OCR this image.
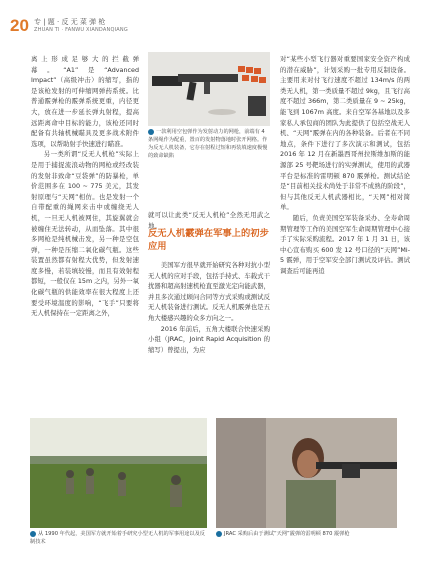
20 专 | 题 · 反 无 菜 弹 枪
ZHUAN TI · FANWU XIANDANQIANG

离上形成足够大的拦截弹幕。“A1”是“Advanced Impact”（高级冲击）的缩写，指的是该枪发射的可伸缩网弹药系统。比普通霰弹枪的霰弹系统更重，内径更大，放在进一步延长弹丸射程，提高远距离命中目标的能力，该枪还同时配备有共轴机械瞄具及更多战术附件选项，以帮助射手快速进行瞄准。

另一类所谓“反无人机枪”实际上是用于捕捉流浪动物的网枪或经改装的发射非致命“豆袋弹”的防暴枪，单价范围多在 100 ~ 775 美元，其发射原理与“天网”相仿。也是发射一个自带配重的绳网来击中或缠绕无人机，一旦无人机被网住，其旋翼就会被缠住无法转动，从而坠落。其中很多网枪是纯机械击发，另一种是空包弹，一种是压缩二氧化碳气瓶。这些装置虽然都有射程大优势，但发射速度多慢，若装填较慢，而且有效射程都短，一般仅在 15m 之内，另外一氧化碳气瓶的供能效率在很大程度上还要受环境温度的影响，“飞手”只要将无人机保持在一定距离之外，

一款利用空包弹作为发射动力的网枪，前端有 4 条网绳作为配重，置百的发射物落地时张开网格。作为反无人机装备，它存在射程过短和再装填速度极慢的致命缺陷

就可以让此类“反无人机枪”全然无用武之地。

反无人机霰弹在军事上的初步应用

美国军方很早就开始研究各种对抗小型无人机的应对手段，包括手持式、车载式干扰器和超高射速机枪直至激光定向能武器，并且多次通过顾问合同等方式采购或测试反无人机装备进行测试。反无人机霰弹也是五角大楼感兴趣的众多方向之一。

2016 年前后，五角大楼联合快速采购小组（JRAC，Joint Rapid Acquisition 的缩写）曾提出，为应

对“某些小型飞行器对重要国家安全资产构成的潜在威胁”，计划采购一批专用反制设备。主要用来对付飞行速度不超过 134m/s 的两类无人机，第一类质量不超过 9kg，且飞行高度不超过 366m，第二类质量在 9 ~ 25kg，能飞到 1067m 高度。来自空军各基地以及多家私人承包商的团队为此提供了包括空战无人机、“天网”霰弹在内的各种装备。后者在不同地点，条件下进行了多次演示和测试，包括 2016 年 12 月在新墨西哥州拉斯维加斯的能源部 25 号靶场进行的实弹测试，使用的武器平台是标准的雷明顿 870 霰弹枪。测试结论是“目前相关技术尚处于非常不成熟的阶段”，但与其他反无人机武器相比，“天网”相对简单。

随后，负责美国空军装备采办、全寿命周期管理等工作的美国空军生命周期管理中心接手了实际采购流程。2017 年 1 月 31 日，该中心宣布购买 600 发 12 号口径的“天网”Mi-5 霰弹，用于空军安全部门测试及评估。测试调查后可能再追

从 1990 年代起，美国军方就开始着手研究小型无人机的军事用途以及反制技术
JRAC 采购后由于测试“天网”霰弹的雷明顿 870 霰弹枪
